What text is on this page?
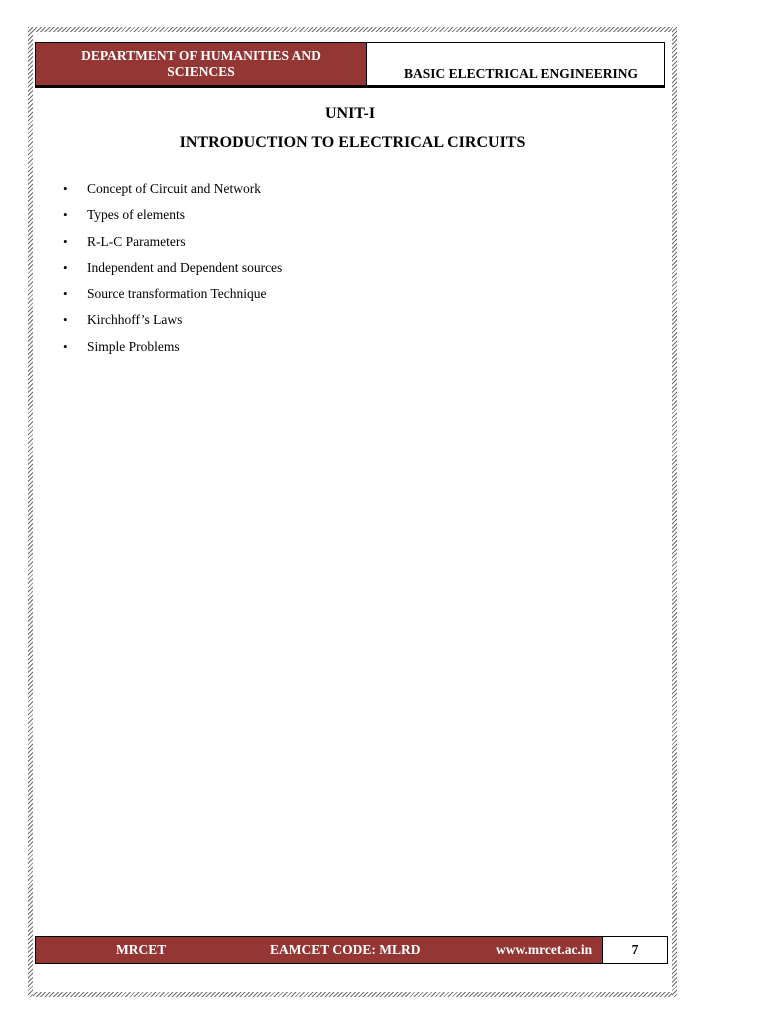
DEPARTMENT OF HUMANITIES AND SCIENCES	BASIC ELECTRICAL ENGINEERING
UNIT-I
INTRODUCTION TO ELECTRICAL CIRCUITS
•	Concept of Circuit and Network
•	Types of elements
•	R-L-C Parameters
•	Independent and Dependent sources
•	Source transformation Technique
•	Kirchhoff’s Laws
•	Simple Problems
MRCET	EAMCET CODE: MLRD	www.mrcet.ac.in	7
